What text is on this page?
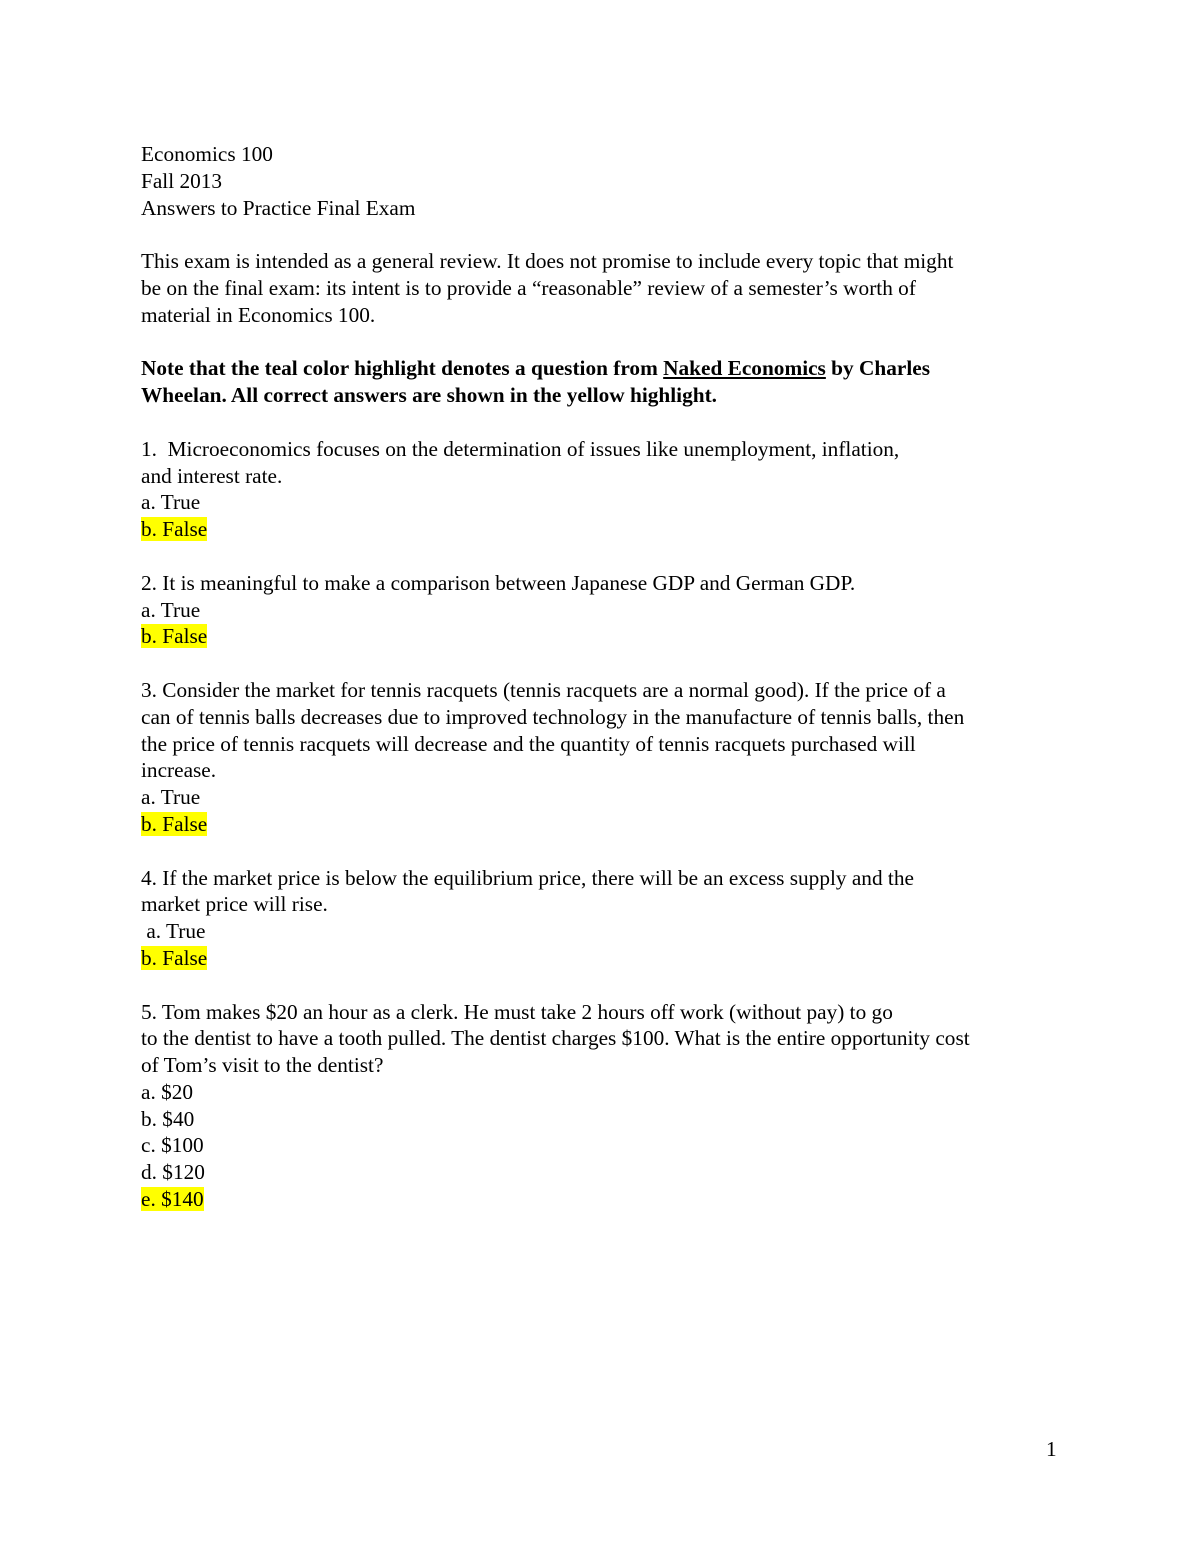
Economics 100
Fall 2013
Answers to Practice Final Exam
This exam is intended as a general review. It does not promise to include every topic that might
be on the final exam: its intent is to provide a “reasonable” review of a semester’s worth of
material in Economics 100.
Note that the teal color highlight denotes a question from Naked Economics by Charles
Wheelan. All correct answers are shown in the yellow highlight.
1.  Microeconomics focuses on the determination of issues like unemployment, inflation,
and interest rate.
a. True
b. False
2. It is meaningful to make a comparison between Japanese GDP and German GDP.
a. True
b. False
3. Consider the market for tennis racquets (tennis racquets are a normal good). If the price of a
can of tennis balls decreases due to improved technology in the manufacture of tennis balls, then
the price of tennis racquets will decrease and the quantity of tennis racquets purchased will
increase.
a. True
b. False
4. If the market price is below the equilibrium price, there will be an excess supply and the
market price will rise.
a. True
b. False
5. Tom makes $20 an hour as a clerk. He must take 2 hours off work (without pay) to go
to the dentist to have a tooth pulled. The dentist charges $100. What is the entire opportunity cost
of Tom’s visit to the dentist?
a. $20
b. $40
c. $100
d. $120
e. $140
1
